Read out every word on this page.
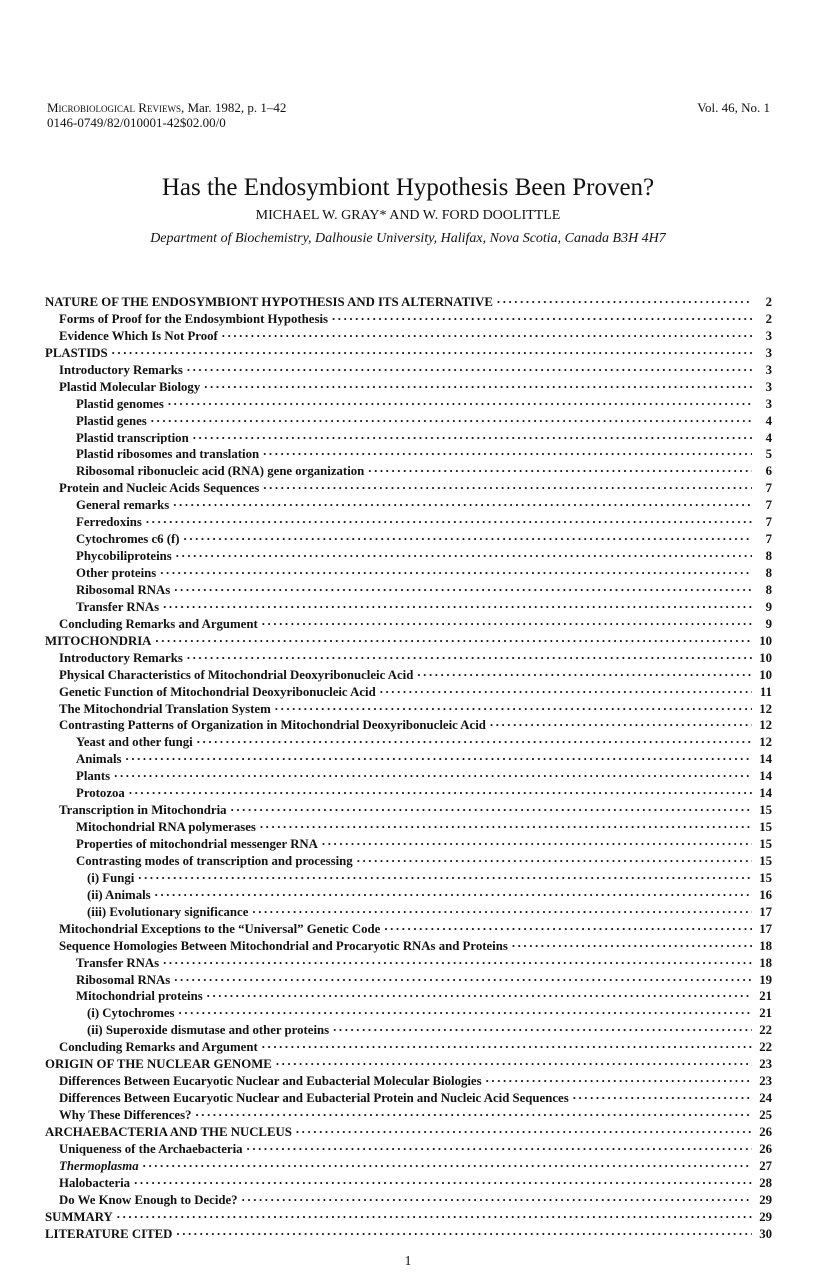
Microbiological Reviews, Mar. 1982, p. 1–42
0146-0749/82/010001-42$02.00/0
Vol. 46, No. 1
Has the Endosymbiont Hypothesis Been Proven?
MICHAEL W. GRAY* AND W. FORD DOOLITTLE
Department of Biochemistry, Dalhousie University, Halifax, Nova Scotia, Canada B3H 4H7
NATURE OF THE ENDOSYMBIONT HYPOTHESIS AND ITS ALTERNATIVE . . .	2
Forms of Proof for the Endosymbiont Hypothesis . . .	2
Evidence Which Is Not Proof . . .	3
PLASTIDS . . .	3
Introductory Remarks . . .	3
Plastid Molecular Biology . . .	3
Plastid genomes . . .	3
Plastid genes . . .	4
Plastid transcription . . .	4
Plastid ribosomes and translation . . .	5
Ribosomal ribonucleic acid (RNA) gene organization . . .	6
Protein and Nucleic Acids Sequences . . .	7
General remarks . . .	7
Ferredoxins . . .	7
Cytochromes c6 (f) . . .	7
Phycobiliproteins . . .	8
Other proteins . . .	8
Ribosomal RNAs . . .	8
Transfer RNAs . . .	9
Concluding Remarks and Argument . . .	9
MITOCHONDRIA . . .	10
Introductory Remarks . . .	10
Physical Characteristics of Mitochondrial Deoxyribonucleic Acid . . .	10
Genetic Function of Mitochondrial Deoxyribonucleic Acid . . .	11
The Mitochondrial Translation System . . .	12
Contrasting Patterns of Organization in Mitochondrial Deoxyribonucleic Acid . . .	12
Yeast and other fungi . . .	12
Animals . . .	14
Plants . . .	14
Protozoa . . .	14
Transcription in Mitochondria . . .	15
Mitochondrial RNA polymerases . . .	15
Properties of mitochondrial messenger RNA . . .	15
Contrasting modes of transcription and processing . . .	15
(i) Fungi . . .	15
(ii) Animals . . .	16
(iii) Evolutionary significance . . .	17
Mitochondrial Exceptions to the “Universal” Genetic Code . . .	17
Sequence Homologies Between Mitochondrial and Procaryotic RNAs and Proteins . . .	18
Transfer RNAs . . .	18
Ribosomal RNAs . . .	19
Mitochondrial proteins . . .	21
(i) Cytochromes . . .	21
(ii) Superoxide dismutase and other proteins . . .	22
Concluding Remarks and Argument . . .	22
ORIGIN OF THE NUCLEAR GENOME . . .	23
Differences Between Eucaryotic Nuclear and Eubacterial Molecular Biologies . . .	23
Differences Between Eucaryotic Nuclear and Eubacterial Protein and Nucleic Acid Sequences . . .	24
Why These Differences? . . .	25
ARCHAEBACTERIA AND THE NUCLEUS . . .	26
Uniqueness of the Archaebacteria . . .	26
Thermoplasma . . .	27
Halobacteria . . .	28
Do We Know Enough to Decide? . . .	29
SUMMARY . . .	29
LITERATURE CITED . . .	30
1
